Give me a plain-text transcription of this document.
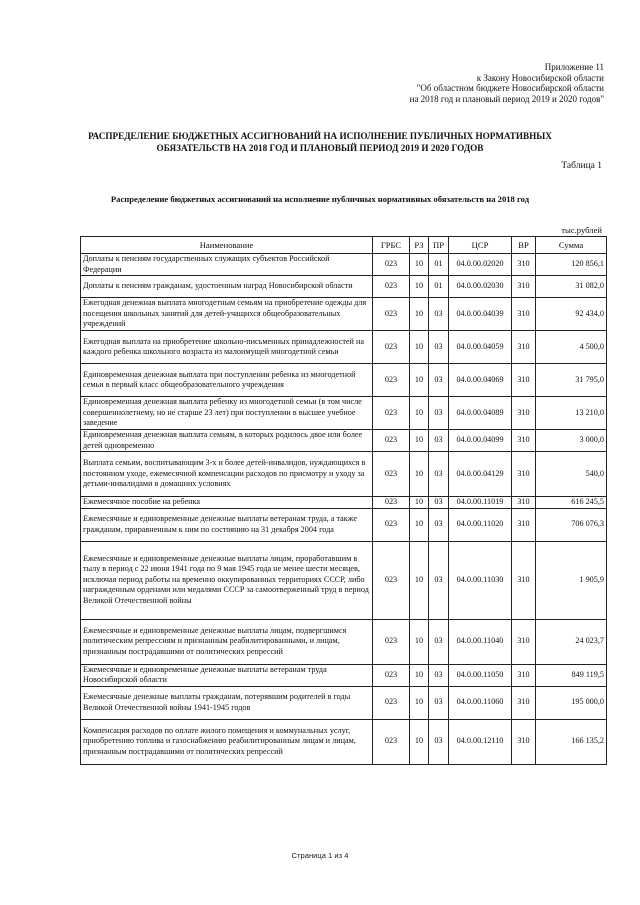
Приложение 11
к Закону Новосибирской области
"Об областном бюджете Новосибирской области
на 2018 год и плановый период 2019 и 2020 годов"
РАСПРЕДЕЛЕНИЕ БЮДЖЕТНЫХ АССИГНОВАНИЙ НА ИСПОЛНЕНИЕ ПУБЛИЧНЫХ НОРМАТИВНЫХ
ОБЯЗАТЕЛЬСТВ НА 2018 ГОД И ПЛАНОВЫЙ ПЕРИОД 2019 И 2020 ГОДОВ
Таблица 1
Распределение бюджетных ассигнований на исполнение публичных нормативных обязательств на 2018 год
тыс.рублей
Наименование	ГРБС	РЗ	ПР	ЦСР	ВР	Сумма
Доплаты к пенсиям государственных служащих субъектов Российской Федерации	023	10	01	04.0.00.02020	310	120 856,1
Доплаты к пенсиям гражданам, удостоенным наград Новосибирской области	023	10	01	04.0.00.02030	310	31 082,0
Ежегодная денежная выплата многодетным семьям на приобретение одежды для посещения школьных занятий для детей-учащихся общеобразовательных учреждений	023	10	03	04.0.00.04039	310	92 434,0
Ежегодная выплата на приобретение школьно-письменных принадлежностей на каждого ребенка школьного возраста из малоимущей многодетной семьи	023	10	03	04.0.00.04059	310	4 500,0
Единовременная денежная выплата при поступлении ребенка из многодетной семьи в первый класс общеобразовательного учреждения	023	10	03	04.0.00.04069	310	31 795,0
Единовременная денежная выплата ребенку из многодетной семьи (в том числе совершеннолетнему, но не старше 23 лет) при поступлении в высшее учебное заведение	023	10	03	04.0.00.04089	310	13 210,0
Единовременная денежная выплата семьям, в которых родилось двое или более детей одновременно	023	10	03	04.0.00.04099	310	3 000,0
Выплата семьям, воспитывающим 3-х и более детей-инвалидов, нуждающихся в постоянном уходе, ежемесячной компенсации расходов по присмотру и уходу за детьми-инвалидами в домашних условиях	023	10	03	04.0.00.04129	310	540,0
Ежемесячное пособие на ребенка	023	10	03	04.0.00.11019	310	616 245,5
Ежемесячные и единовременные денежные выплаты ветеранам труда, а также гражданам, приравненным к ним по состоянию на 31 декабря 2004 года	023	10	03	04.0.00.11020	310	706 076,3
Ежемесячные и единовременные денежные выплаты лицам, проработавшим в тылу в период с 22 июня 1941 года по 9 мая 1945 года не менее шести месяцев, исключая период работы на временно оккупированных территориях СССР, либо награжденным орденами или медалями СССР за самоотверженный труд в период Великой Отечественной войны	023	10	03	04.0.00.11030	310	1 905,9
Ежемесячные и единовременные денежные выплаты лицам, подвергшимся политическим репрессиям и признанным реабилитированными, и лицам, признанным пострадавшими от политических репрессий	023	10	03	04.0.00.11040	310	24 023,7
Ежемесячные и единовременные денежные выплаты ветеранам труда Новосибирской области	023	10	03	04.0.00.11050	310	849 119,5
Ежемесячные денежные выплаты гражданам, потерявшим родителей в годы Великой Отечественной войны 1941-1945 годов	023	10	03	04.0.00.11060	310	195 000,0
Компенсация расходов по оплате жилого помещения и коммунальных услуг, приобретению топлива и газоснабжению реабилитированным лицам и лицам, признанным пострадавшими от политических репрессий	023	10	03	04.0.00.12110	310	166 135,2
Страница 1 из 4
